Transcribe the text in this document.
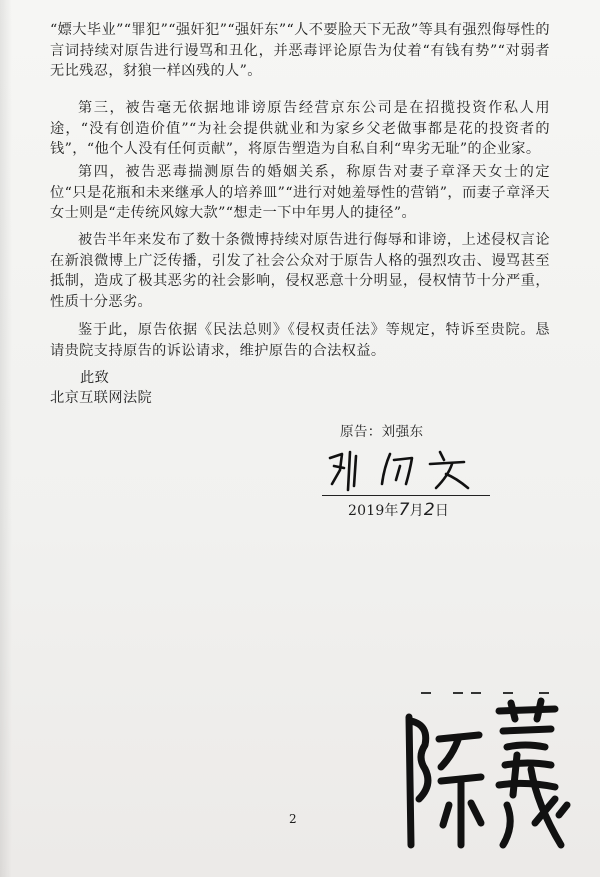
“嫖大毕业”“罪犯”“强奸犯”“强奸东”“人不要脸天下无敌”等具有强烈侮辱性的言词持续对原告进行谩骂和丑化，并恶毒评论原告为仗着“有钱有势”“对弱者无比残忍，豺狼一样凶残的人”。

第三，被告毫无依据地诽谤原告经营京东公司是在招揽投资作私人用途，“没有创造价值”“为社会提供就业和为家乡父老做事都是花的投资者的钱”，“他个人没有任何贡献”，将原告塑造为自私自利“卑劣无耻”的企业家。

第四，被告恶毒揣测原告的婚姻关系，称原告对妻子章泽天女士的定位“只是花瓶和未来继承人的培养皿”“进行对她羞辱性的营销”，而妻子章泽天女士则是“走传统风嫁大款”“想走一下中年男人的捷径”。

被告半年来发布了数十条微博持续对原告进行侮辱和诽谤，上述侵权言论在新浪微博上广泛传播，引发了社会公众对于原告人格的强烈攻击、谩骂甚至抵制，造成了极其恶劣的社会影响，侵权恶意十分明显，侵权情节十分严重，性质十分恶劣。

鉴于此，原告依据《民法总则》《侵权责任法》等规定，特诉至贵院。恳请贵院支持原告的诉讼请求，维护原告的合法权益。

此致

北京互联网法院

原告：刘强东
2019年7月2日
2
